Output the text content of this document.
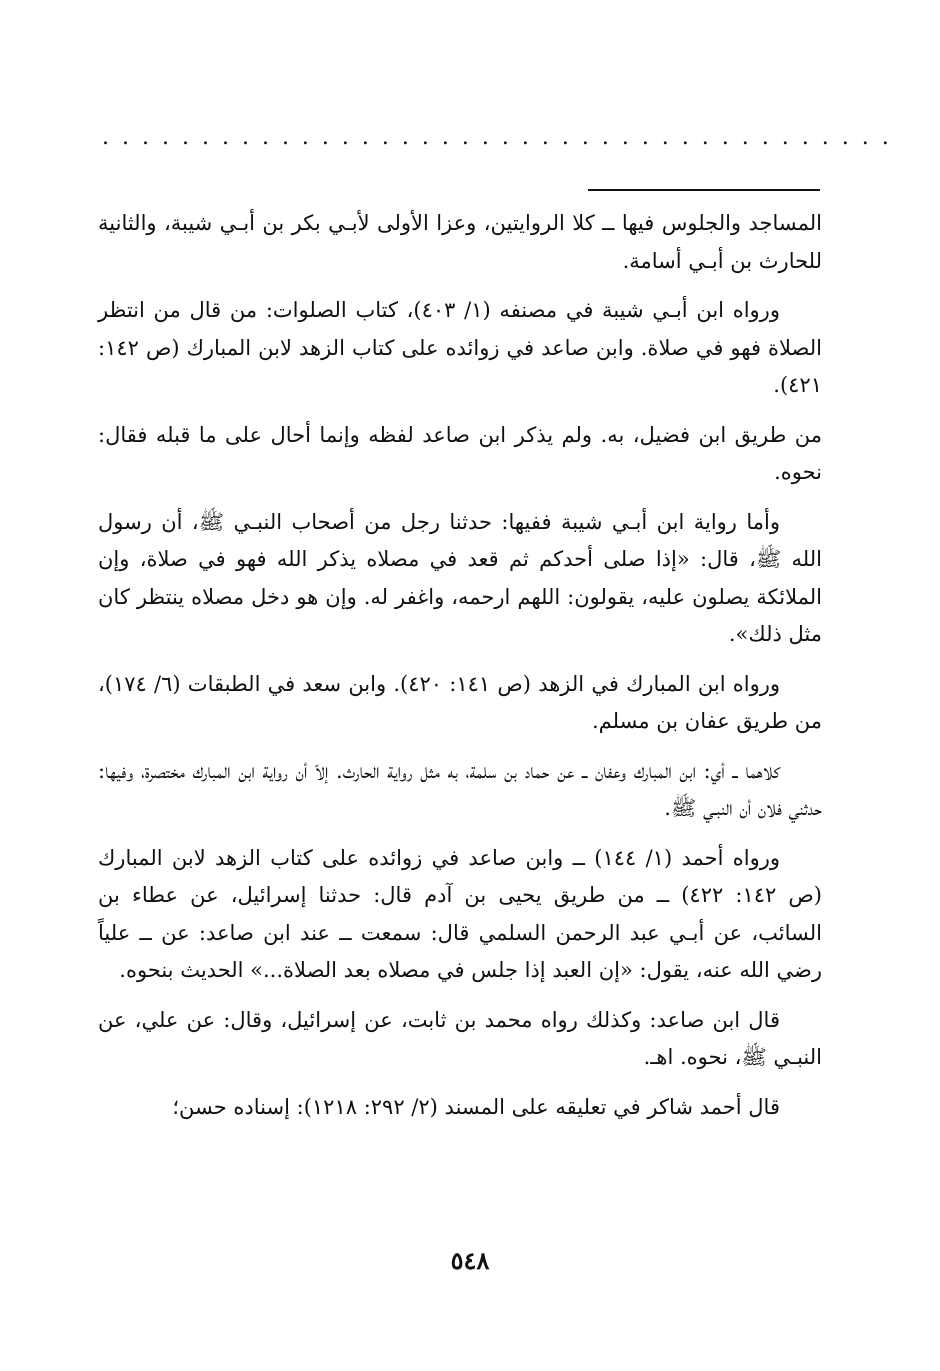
........................................

المساجد والجلوس فيها ــ كلا الروايتين، وعزا الأولى لأبـي بكر بن أبـي شيبة، والثانية للحارث بن أبـي أسامة.

ورواه ابن أبـي شيبة في مصنفه (١/ ٤٠٣)، كتاب الصلوات: من قال من انتظر الصلاة فهو في صلاة. وابن صاعد في زوائده على كتاب الزهد لابن المبارك (ص ١٤٢: ٤٢١).

من طريق ابن فضيل، به. ولم يذكر ابن صاعد لفظه وإنما أحال على ما قبله فقال: نحوه.

وأما رواية ابن أبـي شيبة ففيها: حدثنا رجل من أصحاب النبـي ﷺ، أن رسول الله ﷺ، قال: «إذا صلى أحدكم ثم قعد في مصلاه يذكر الله فهو في صلاة، وإن الملائكة يصلون عليه، يقولون: اللهم ارحمه، واغفر له. وإن هو دخل مصلاه ينتظر كان مثل ذلك».

ورواه ابن المبارك في الزهد (ص ١٤١: ٤٢٠). وابن سعد في الطبقات (٦/ ١٧٤)، من طريق عفان بن مسلم.

كلاهما ــ أي: ابن المبارك وعفان ــ عن حماد بن سلمة، به مثل رواية الحارث. إلاّ أن رواية ابن المبارك مختصرة، وفيها: حدثني فلان أن النبـي ﷺ.

ورواه أحمد (١/ ١٤٤) ــ وابن صاعد في زوائده على كتاب الزهد لابن المبارك (ص ١٤٢: ٤٢٢) ــ من طريق يحيى بن آدم قال: حدثنا إسرائيل، عن عطاء بن السائب، عن أبـي عبد الرحمن السلمي قال: سمعت ــ عند ابن صاعد: عن ــ علياً رضي الله عنه، يقول: «إن العبد إذا جلس في مصلاه بعد الصلاة...» الحديث بنحوه.

قال ابن صاعد: وكذلك رواه محمد بن ثابت، عن إسرائيل، وقال: عن علي، عن النبـي ﷺ، نحوه. اهـ.

قال أحمد شاكر في تعليقه على المسند (٢/ ٢٩٢: ١٢١٨): إسناده حسن؛

٥٤٨
